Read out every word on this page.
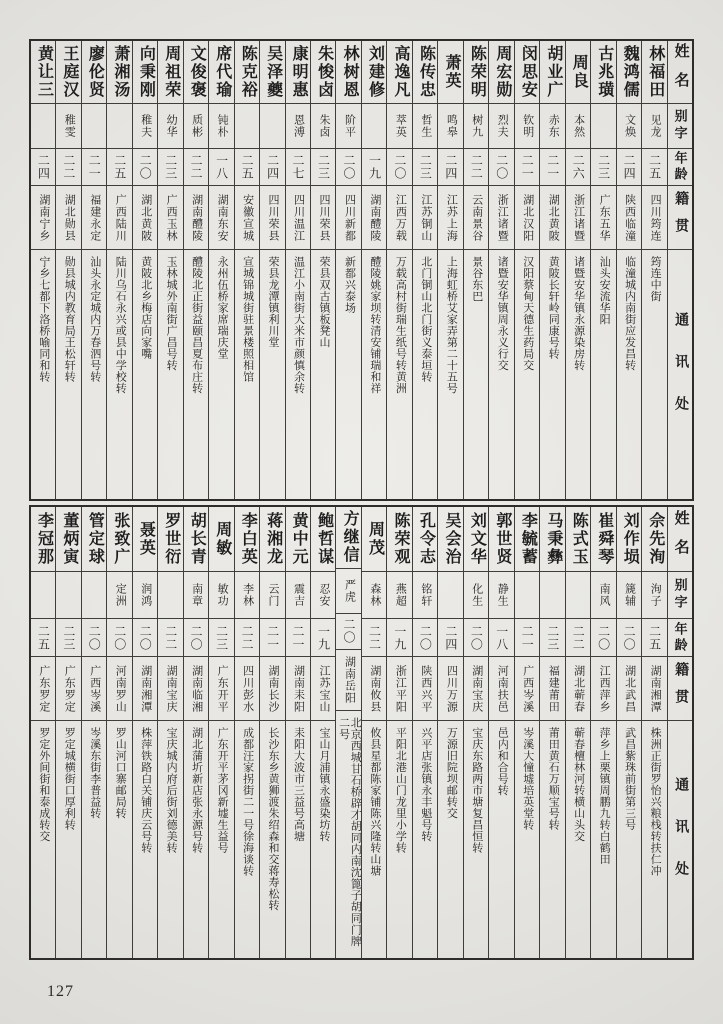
姓名
别字
年龄
籍贯
通讯处
林福田
见龙
二五
四川筠连
筠连中街
魏鸿儒
文焕
二四
陕西临潼
临潼城内南街应发昌转
古兆璜
二三
广东五华
汕头安流华阳
周良
本然
二六
浙江诸暨
诸暨安华镇永源染房转
胡业广
赤东
二一
湖北黄陂
黄陂长轩岭同康号转
闵思安
钦明
二一
湖北汉阳
汉阳蔡甸天德生药局交
周宏勋
烈夫
二〇
浙江诸暨
诸暨安华镇周永义行交
陈荣明
树九
二二
云南景谷
景谷东巴
萧英
鸣皋
二四
江苏上海
上海虹桥艾家弄第二十五号
陈传忠
哲生
二三
江苏铜山
北门铜山北门街义泰垣转
高逸凡
萃英
二〇
江西万载
万载高村街瑞生纸号转黄洲
刘建修
一九
湖南醴陵
醴陵姚家坝转清安铺瑞和祥
林树恩
阶平
二〇
四川新都
新都兴泰场
朱悛卤
朱卤
二三
四川荣县
荣县双古镇板凳山
康明惠
恩溥
二七
四川温江
温江小南街大米市颜慎余转
吴泽夔
二四
四川荣县
荣县龙潭镇利川堂
陈克裕
二五
安徽宣城
宣城锦城街驻景楼照相馆
席代瑜
钝朴
一八
湖南东安
永州伍桥家席瑞庆堂
文俊褒
质彬
二二
湖南醴陵
醴陵北正街益颐昌夏布庄转
周祖荣
幼华
二三
广西玉林
玉林城外南街广昌号转
向秉刚
稚夫
二〇
湖北黄陂
黄陂北乡梅店向家嘴
萧湘汤
二五
广西陆川
陆川乌石永兴或县中学校转
廖伦贤
二一
福建永定
汕头永定城内万春泗号转
王庭汉
稚雯
二二
湖北勋县
勋县城内教育局王松轩转
黄让三
二四
湖南宁乡
宁乡七都下洛桥喻同和转
姓名
别字
年龄
籍贯
通讯处
佘先洵
洵子
二五
湖南湘潭
株洲正街罗怡兴粮栈转扶仁冲
刘作埙
篪辅
二〇
湖北武昌
武昌紫珠前街第三号
崔舜琴
南风
二〇
江西萍乡
萍乡上栗镇周鹏九转白鹤田
陈式玉
二二
湖北蕲春
蕲春檀林河转横山头交
马秉彝
二三
福建莆田
莆田黄石万顺宝号转
李毓蓄
二一
广西岑溪
岑溪大憧墟培英堂转
郭世贤
静生
一八
河南扶邑
邑内和合号转
刘文华
化生
二〇
湖南宝庆
宝庆东路两市塘复昌恒转
吴会治
二四
四川万源
万源旧院坝邮转交
孔令志
铭轩
二〇
陕西兴平
兴平店张镇永丰魁号转
陈荣观
燕超
一九
浙江平阳
平阳北港山门龙里小学转
周茂
森林
二二
湖南攸县
攸县星都陈家铺陈兴隆转山塘
方继信
严虎
二〇
湖南岳阳
北京西城甘石桥辟才胡同内南沈篦子胡同门牌二号
鲍哲谋
忍安
一九
江苏宝山
宝山月浦镇永盛染坊转
黄中元
震吉
二一
湖南耒阳
耒阳大波市三益号高塘
蒋湘龙
云门
二一
湖南长沙
长沙东乡黄狮渡朱绍森和交蒋寿松转
李白英
李林
二二
四川彭水
成都汪家拐街二一号徐海谈转
周敏
敏功
二三
广东开平
广东开平茅冈新墟生益号
胡长青
南章
二〇
湖南临湘
湖北蒲圻新店张永源号转
罗世衍
二二
湖南宝庆
宝庆城内府后街刘德美转
聂英
润鸿
二〇
湖南湘潭
株萍铁路白关铺庆云号转
张致广
定洲
二〇
河南罗山
罗山河口寨邮局转
管定球
二〇
广西岑溪
岑溪东街李普益转
董炳寅
二三
广东罗定
罗定城横街口厚利转
李冠那
二五
广东罗定
罗定外间街和泰成转交
127
